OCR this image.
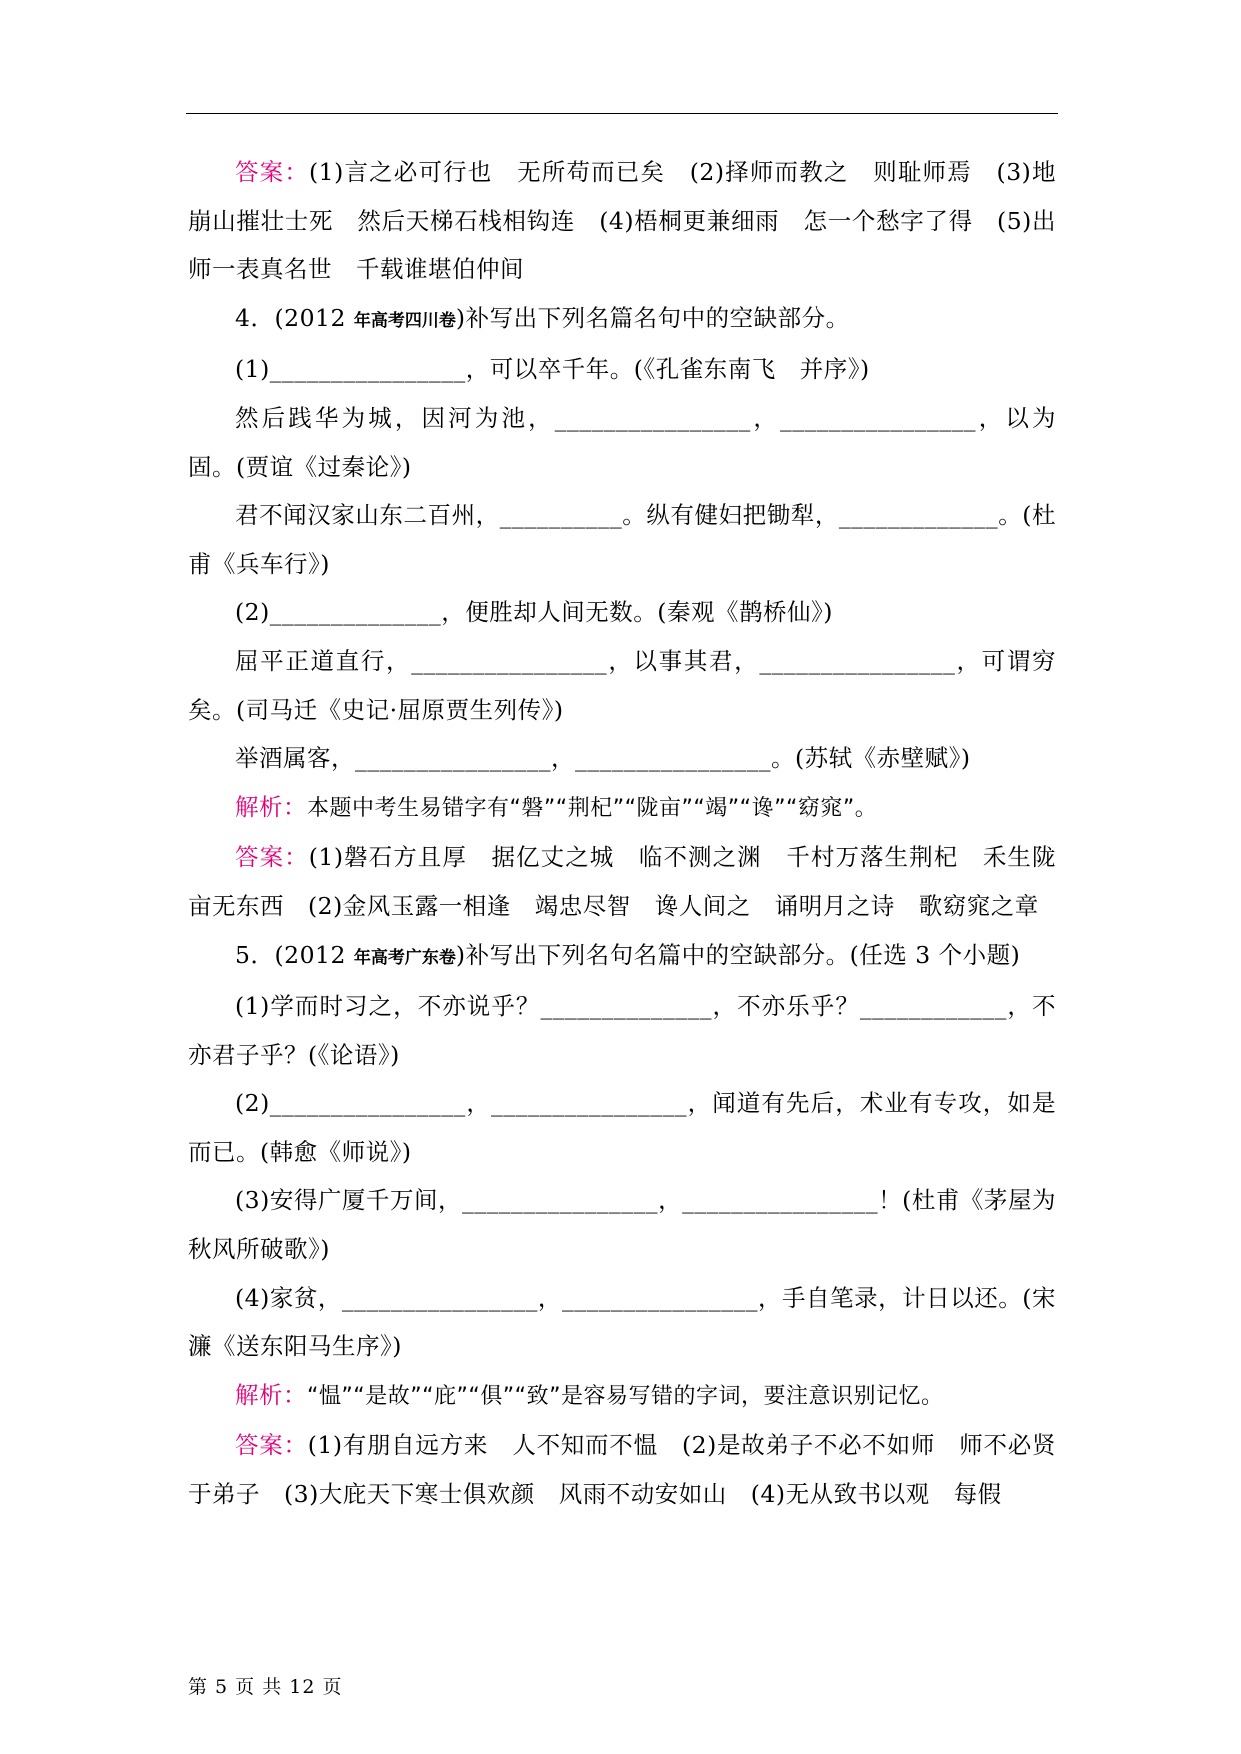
答案：(1)言之必可行也　无所苟而已矣　(2)择师而教之　则耻师焉　(3)地崩山摧壮士死　然后天梯石栈相钩连　(4)梧桐更兼细雨　怎一个愁字了得　(5)出师一表真名世　千载谁堪伯仲间

4．(2012 年高考四川卷)补写出下列名篇名句中的空缺部分。

(1)________________，可以卒千年。(《孔雀东南飞　并序》)

然后践华为城，因河为池，________________，________________，以为固。(贾谊《过秦论》)

君不闻汉家山东二百州，__________。纵有健妇把锄犁，_____________。(杜甫《兵车行》)

(2)______________，便胜却人间无数。(秦观《鹊桥仙》)

屈平正道直行，________________，以事其君，________________，可谓穷矣。(司马迁《史记·屈原贾生列传》)

举酒属客，________________，________________。(苏轼《赤壁赋》)

解析：本题中考生易错字有“磐”“荆杞”“陇亩”“竭”“谗”“窈窕”。

答案：(1)磐石方且厚　据亿丈之城　临不测之渊　千村万落生荆杞　禾生陇亩无东西　(2)金风玉露一相逢　竭忠尽智　谗人间之　诵明月之诗　歌窈窕之章

5．(2012 年高考广东卷)补写出下列名句名篇中的空缺部分。(任选 3 个小题)

(1)学而时习之，不亦说乎？______________，不亦乐乎？____________，不亦君子乎？(《论语》)

(2)________________，________________，闻道有先后，术业有专攻，如是而已。(韩愈《师说》)

(3)安得广厦千万间，________________，________________！(杜甫《茅屋为秋风所破歌》)

(4)家贫，________________，________________，手自笔录，计日以还。(宋濂《送东阳马生序》)

解析：“愠”“是故”“庇”“俱”“致”是容易写错的字词，要注意识别记忆。

答案：(1)有朋自远方来　人不知而不愠　(2)是故弟子不必不如师　师不必贤于弟子　(3)大庇天下寒士俱欢颜　风雨不动安如山　(4)无从致书以观　每假

第 5 页 共 12 页
